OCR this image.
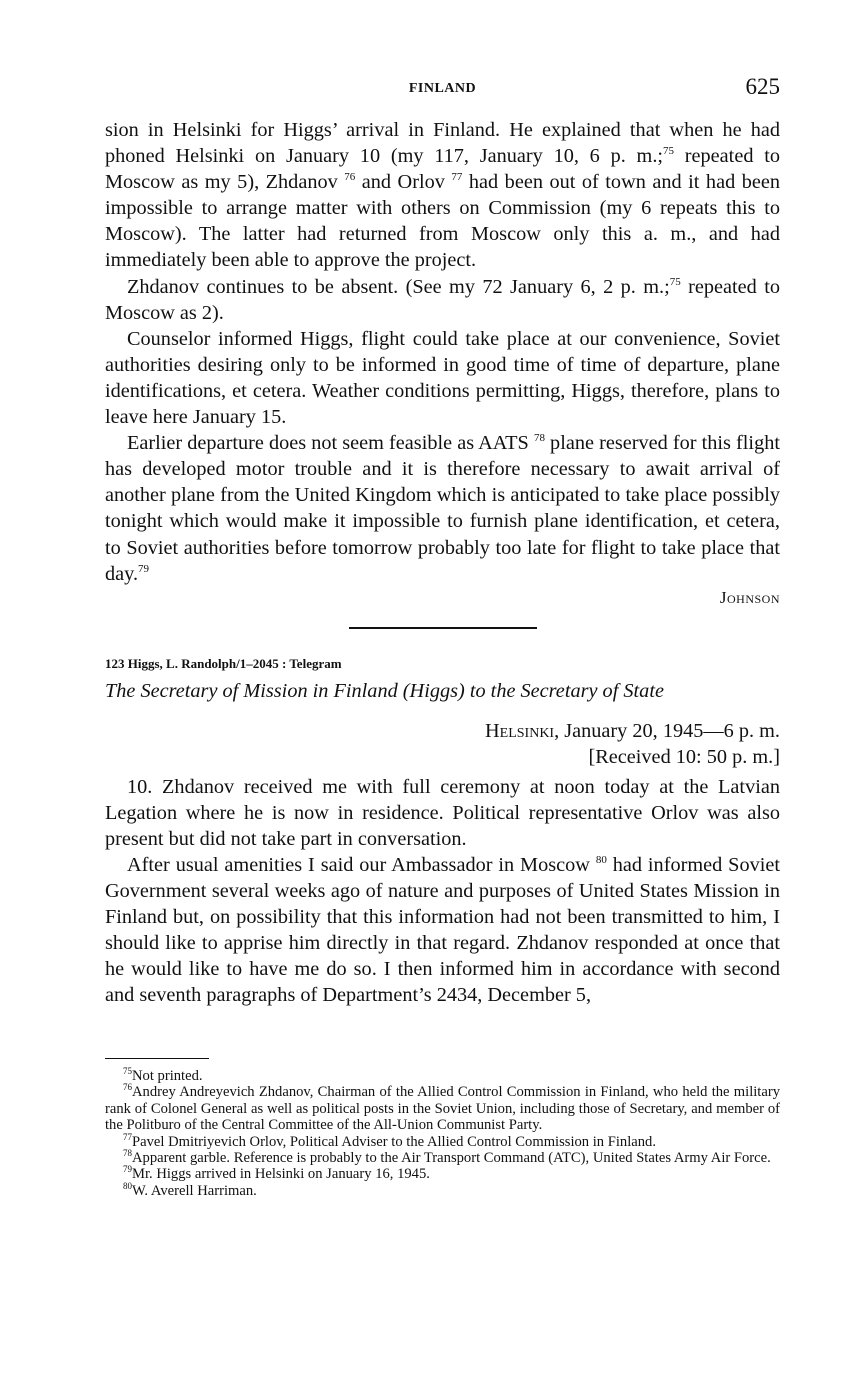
FINLAND	625

sion in Helsinki for Higgs’ arrival in Finland. He explained that when he had phoned Helsinki on January 10 (my 117, January 10, 6 p. m.;$^{75}$ repeated to Moscow as my 5), Zhdanov $^{76}$ and Orlov $^{77}$ had been out of town and it had been impossible to arrange matter with others on Commission (my 6 repeats this to Moscow). The latter had returned from Moscow only this a. m., and had immediately been able to approve the project.

Zhdanov continues to be absent. (See my 72 January 6, 2 p. m.;$^{75}$ repeated to Moscow as 2).

Counselor informed Higgs, flight could take place at our convenience, Soviet authorities desiring only to be informed in good time of time of departure, plane identifications, et cetera. Weather conditions permitting, Higgs, therefore, plans to leave here January 15.

Earlier departure does not seem feasible as AATS $^{78}$ plane reserved for this flight has developed motor trouble and it is therefore necessary to await arrival of another plane from the United Kingdom which is anticipated to take place possibly tonight which would make it impossible to furnish plane identification, et cetera, to Soviet authorities before tomorrow probably too late for flight to take place that day.$^{79}$

Johnson
123 Higgs, L. Randolph/1–2045 : Telegram
The Secretary of Mission in Finland (Higgs) to the Secretary of State
Helsinki, January 20, 1945—6 p. m.
[Received 10: 50 p. m.]

10. Zhdanov received me with full ceremony at noon today at the Latvian Legation where he is now in residence. Political representative Orlov was also present but did not take part in conversation.

After usual amenities I said our Ambassador in Moscow $^{80}$ had informed Soviet Government several weeks ago of nature and purposes of United States Mission in Finland but, on possibility that this information had not been transmitted to him, I should like to apprise him directly in that regard. Zhdanov responded at once that he would like to have me do so. I then informed him in accordance with second and seventh paragraphs of Department’s 2434, December 5,

$^{75}$Not printed.

$^{76}$Andrey Andreyevich Zhdanov, Chairman of the Allied Control Commission in Finland, who held the military rank of Colonel General as well as political posts in the Soviet Union, including those of Secretary, and member of the Politburo of the Central Committee of the All-Union Communist Party.

$^{77}$Pavel Dmitriyevich Orlov, Political Adviser to the Allied Control Commission in Finland.

$^{78}$Apparent garble. Reference is probably to the Air Transport Command (ATC), United States Army Air Force.

$^{79}$Mr. Higgs arrived in Helsinki on January 16, 1945.

$^{80}$W. Averell Harriman.
